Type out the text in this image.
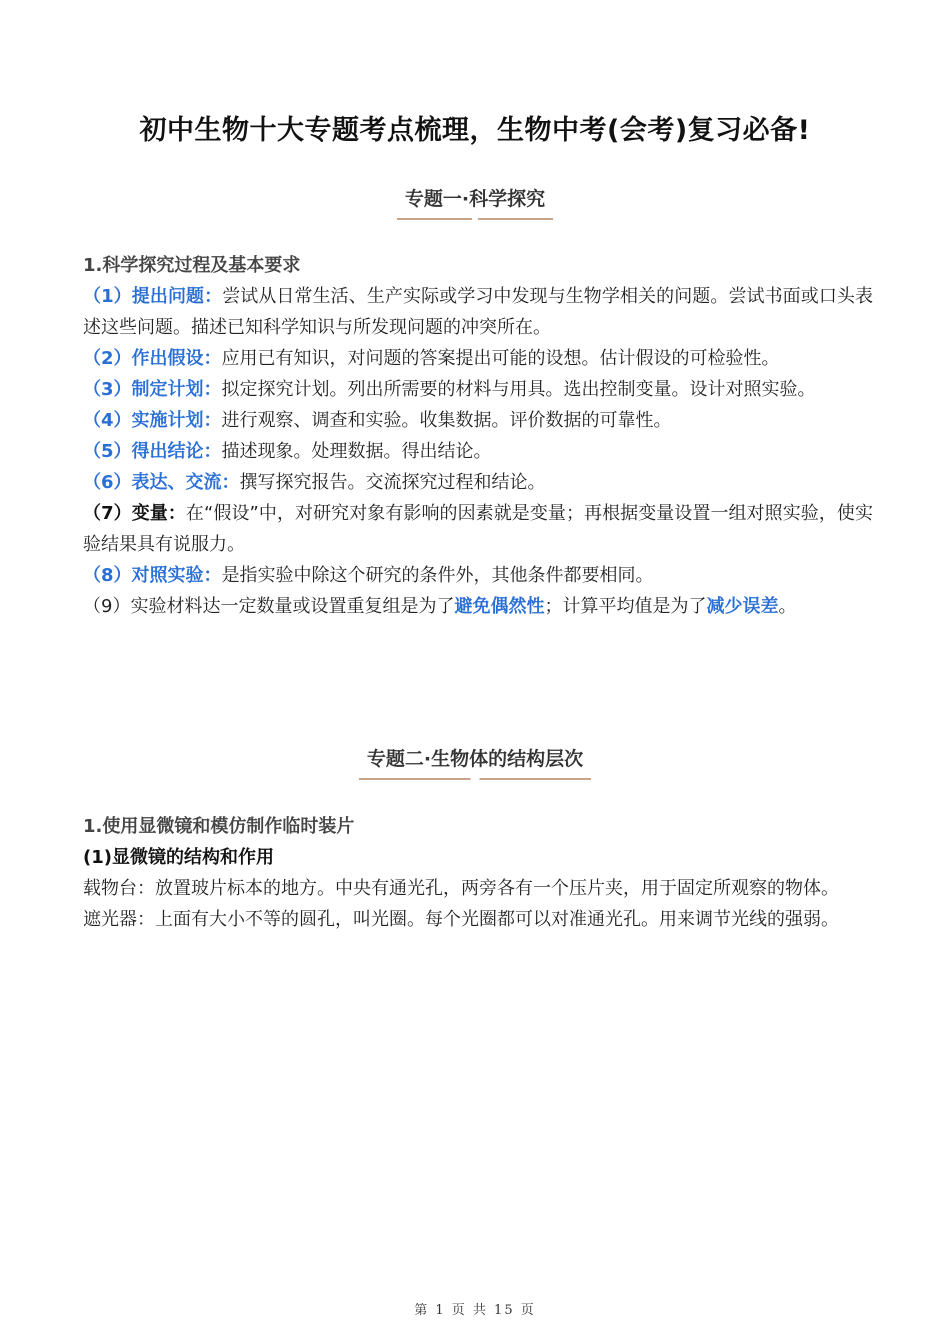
初中生物十大专题考点梳理，生物中考(会考)复习必备!
专题一·科学探究
1.科学探究过程及基本要求

（1）提出问题：尝试从日常生活、生产实际或学习中发现与生物学相关的问题。尝试书面或口头表述这些问题。描述已知科学知识与所发现问题的冲突所在。

（2）作出假设：应用已有知识，对问题的答案提出可能的设想。估计假设的可检验性。

（3）制定计划：拟定探究计划。列出所需要的材料与用具。选出控制变量。设计对照实验。

（4）实施计划：进行观察、调查和实验。收集数据。评价数据的可靠性。

（5）得出结论：描述现象。处理数据。得出结论。

（6）表达、交流：撰写探究报告。交流探究过程和结论。

（7）变量：在“假设”中，对研究对象有影响的因素就是变量；再根据变量设置一组对照实验，使实验结果具有说服力。

（8）对照实验：是指实验中除这个研究的条件外，其他条件都要相同。

（9）实验材料达一定数量或设置重复组是为了避免偶然性；计算平均值是为了减少误差。

专题二·生物体的结构层次
1.使用显微镜和模仿制作临时装片
(1)显微镜的结构和作用

载物台：放置玻片标本的地方。中央有通光孔，两旁各有一个压片夹，用于固定所观察的物体。

遮光器：上面有大小不等的圆孔，叫光圈。每个光圈都可以对准通光孔。用来调节光线的强弱。

第 1 页 共 15 页
